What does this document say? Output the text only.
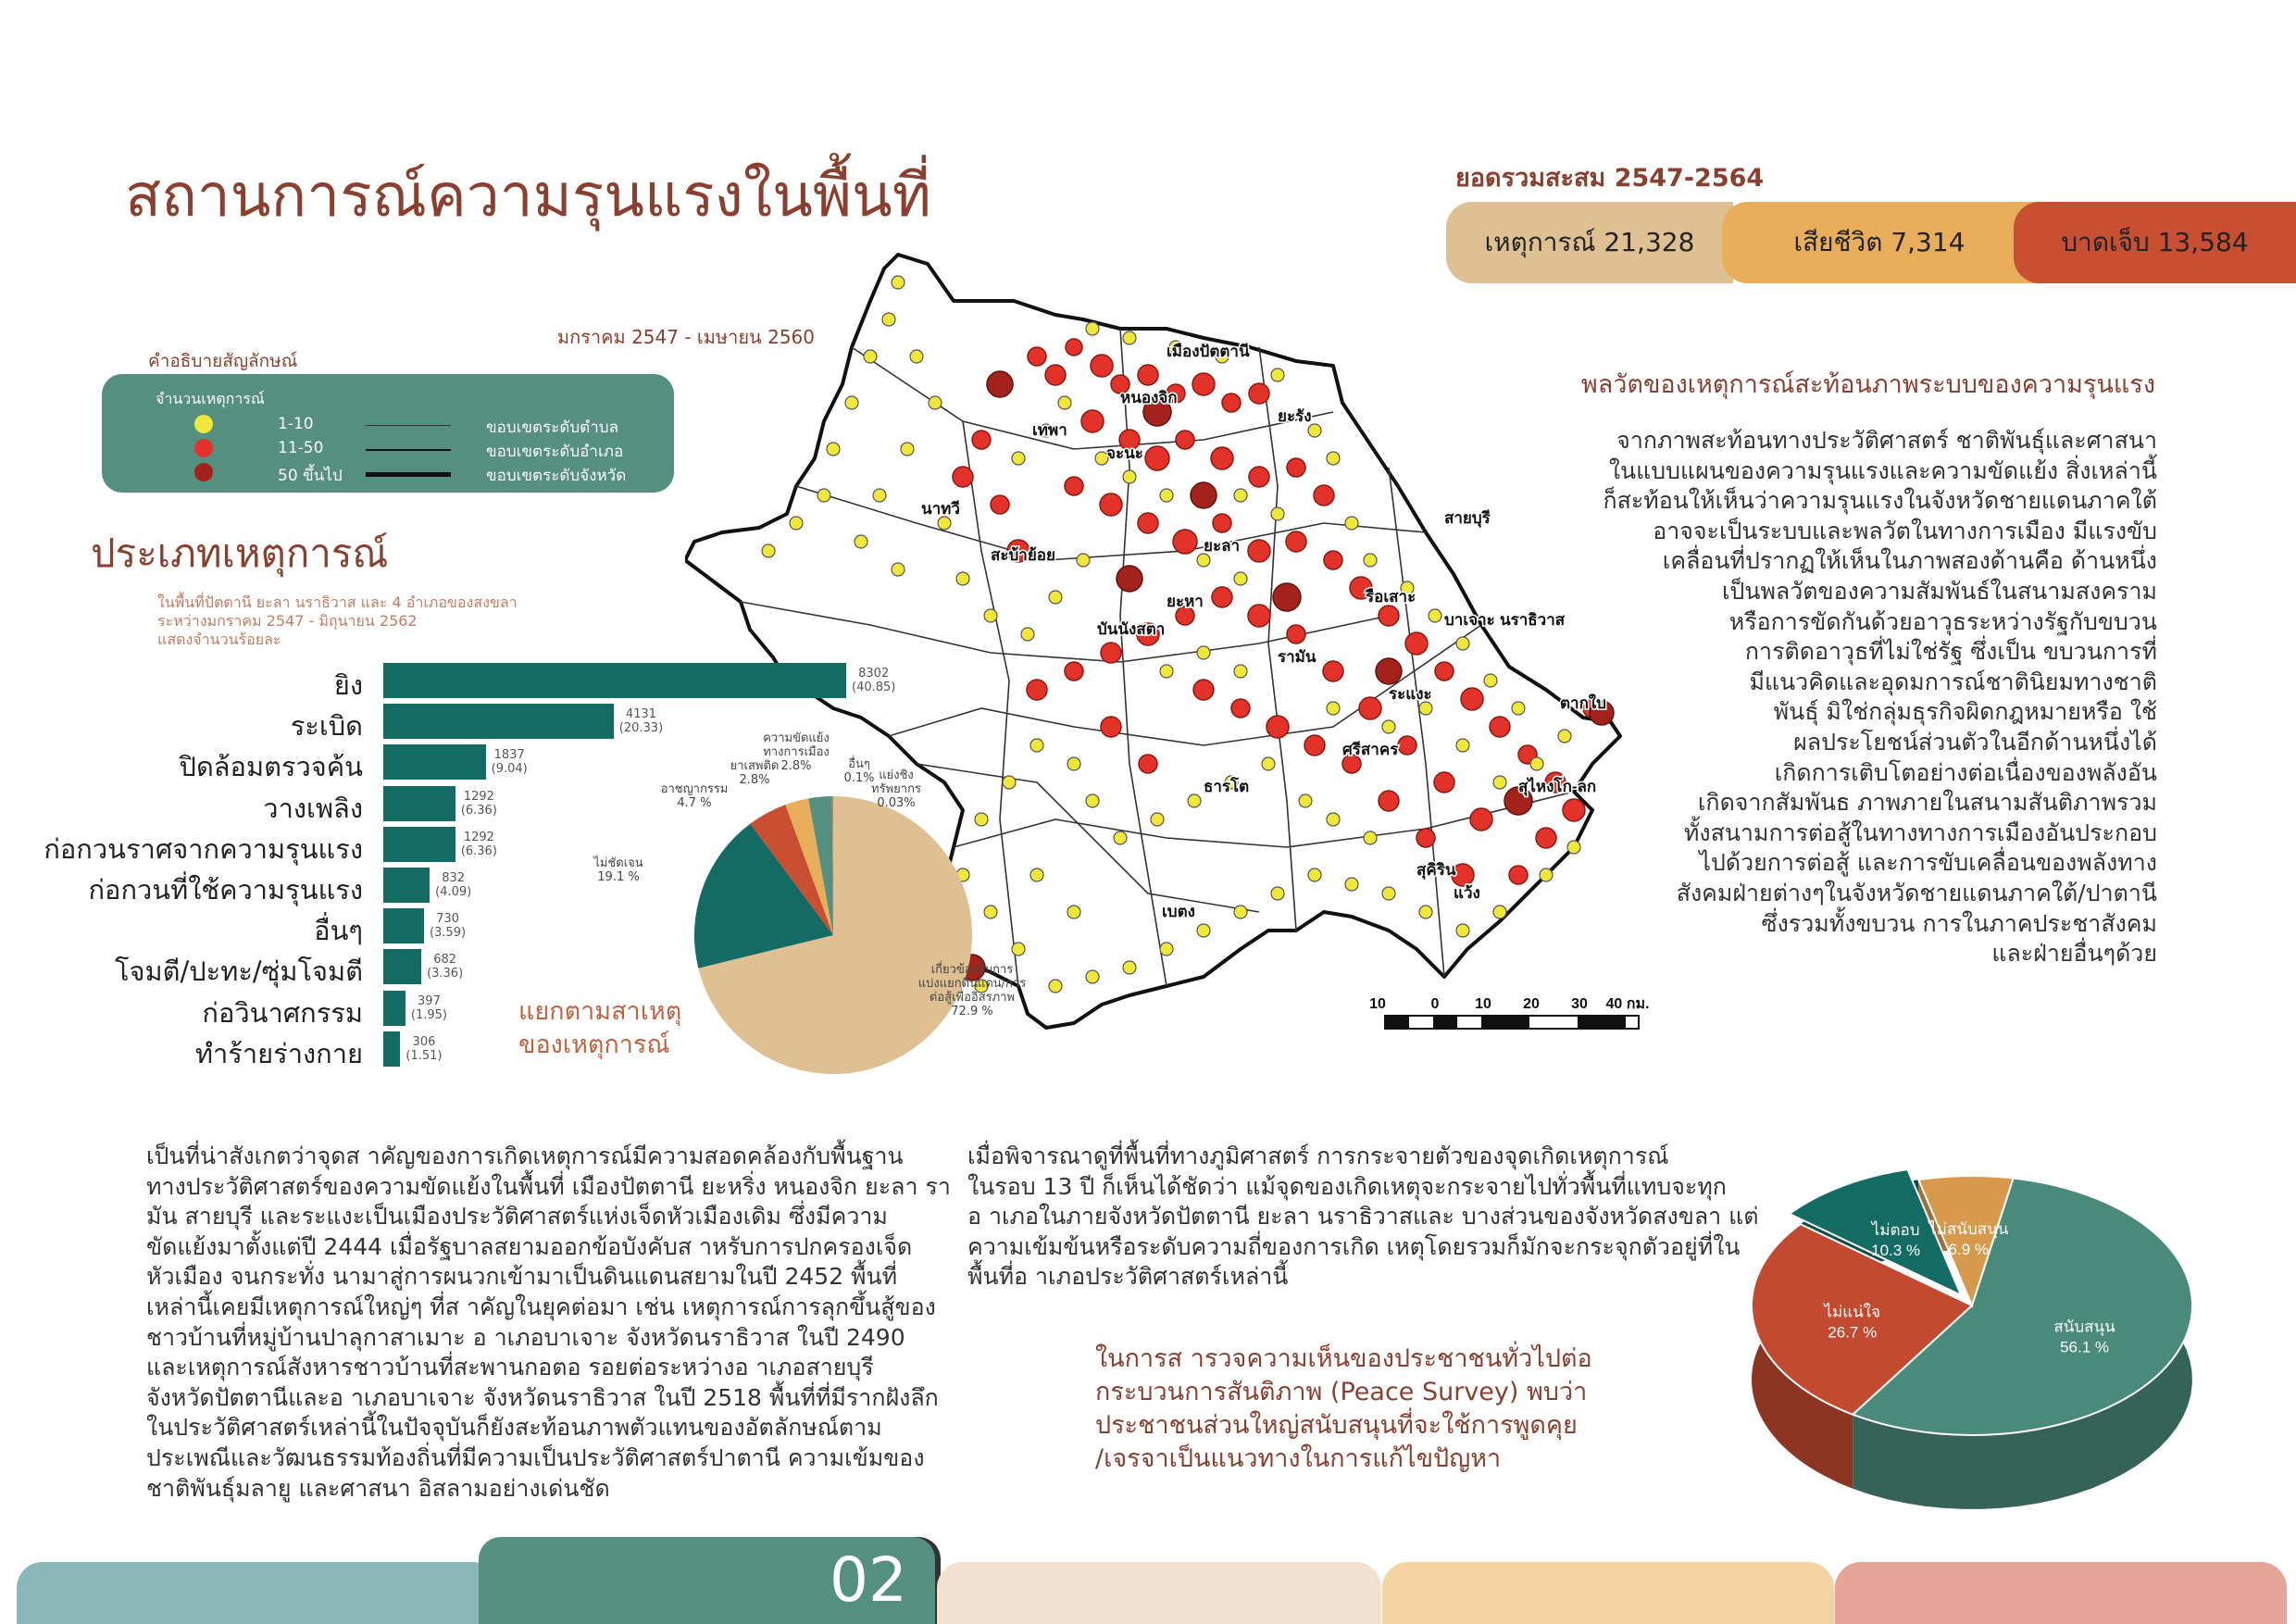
สถานการณ์ความรุนแรงในพื้นที่
มกราคม 2547 - เมษายน 2560
คำอธิบายสัญลักษณ์
จำนวนเหตุการณ์
1-10
11-50
50 ขึ้นไป
ขอบเขตระดับตำบล
ขอบเขตระดับอำเภอ
ขอบเขตระดับจังหวัด
เมืองปัตตานี
เทพา
สะบ้าย้อย
นาทวี
จะนะ
ยะหา
บันนังสตา
ธารโต
เบตง
รามัน
ยะลา
รือเสาะ
ระแงะ
ศรีสาคร
สุคิริน
แว้ง
ตากใบ
สุไหงโก-ลก
นราธิวาส
บาเจาะ
ยะรัง
หนองจิก
สายบุรี
10	0 10 20 30 40 กม.
ยอดรวมสะสม 2547-2564
เหตุการณ์ 21,328	เสียชีวิต 7,314	บาดเจ็บ 13,584
ประเภทเหตุการณ์
ในพื้นที่ปัตตานี ยะลา นราธิวาส และ 4 อำเภอของสงขลา
ระหว่างมกราคม 2547 - มิถุนายน 2562
แสดงจำนวนร้อยละ
แยกตามสาเหตุ
ของเหตุการณ์
พลวัตของเหตุการณ์สะท้อนภาพระบบของความรุนแรง
จากภาพสะท้อนทางประวัติศาสตร์ ชาติพันธุ์และศาสนา
ในแบบแผนของความรุนแรงและความขัดแย้ง สิ่งเหล่านี้
ก็สะท้อนให้เห็นว่าความรุนแรงในจังหวัดชายแดนภาคใต้
อาจจะเป็นระบบและพลวัตในทางการเมือง มีแรงขับ
เคลื่อนที่ปรากฏให้เห็นในภาพสองด้านคือ ด้านหนึ่ง
เป็นพลวัตของความสัมพันธ์ในสนามสงคราม
หรือการขัดกันด้วยอาวุธระหว่างรัฐกับขบวน
การติดอาวุธที่ไม่ใช่รัฐ ซึ่งเป็น ขบวนการที่
มีแนวคิดและอุดมการณ์ชาตินิยมทางชาติ
พันธุ์ มิใช่กลุ่มธุรกิจผิดกฎหมายหรือ ใช้
ผลประโยชน์ส่วนตัวในอีกด้านหนึ่งได้
เกิดการเติบโตอย่างต่อเนื่องของพลังอัน
เกิดจากสัมพันธ ภาพภายในสนามสันติภาพรวม
ทั้งสนามการต่อสู้ในทางทางการเมืองอันประกอบ
ไปด้วยการต่อสู้ และการขับเคลื่อนของพลังทาง
สังคมฝ่ายต่างๆในจังหวัดชายแดนภาคใต้/ปาตานี
ซึ่งรวมทั้งขบวน การในภาคประชาสังคม
และฝ่ายอื่นๆด้วย
เป็นที่น่าสังเกตว่าจุดส าคัญของการเกิดเหตุการณ์มีความสอดคล้องกับพื้นฐาน
ทางประวัติศาสตร์ของความขัดแย้งในพื้นที่ เมืองปัตตานี ยะหริ่ง หนองจิก ยะลา รา
มัน สายบุรี และระแงะเป็นเมืองประวัติศาสตร์แห่งเจ็ดหัวเมืองเดิม ซึ่งมีความ
ขัดแย้งมาตั้งแต่ปี 2444 เมื่อรัฐบาลสยามออกข้อบังคับส าหรับการปกครองเจ็ด
หัวเมือง จนกระทั่ง นามาสู่การผนวกเข้ามาเป็นดินแดนสยามในปี 2452 พื้นที่
เหล่านี้เคยมีเหตุการณ์ใหญ่ๆ ที่ส าคัญในยุคต่อมา เช่น เหตุการณ์การลุกขึ้นสู้ของ
ชาวบ้านที่หมู่บ้านปาลุกาสาเมาะ อ าเภอบาเจาะ จังหวัดนราธิวาส ในปี 2490
และเหตุการณ์สังหารชาวบ้านที่สะพานกอตอ รอยต่อระหว่างอ าเภอสายบุรี
จังหวัดปัตตานีและอ าเภอบาเจาะ จังหวัดนราธิวาส ในปี 2518 พื้นที่ที่มีรากฝังลึก
ในประวัติศาสตร์เหล่านี้ในปัจจุบันก็ยังสะท้อนภาพตัวแทนของอัตลักษณ์ตาม
ประเพณีและวัฒนธรรมท้องถิ่นที่มีความเป็นประวัติศาสตร์ปาตานี ความเข้มของ
ชาติพันธุ์มลายู และศาสนา อิสลามอย่างเด่นชัด
เมื่อพิจารณาดูที่พื้นที่ทางภูมิศาสตร์ การกระจายตัวของจุดเกิดเหตุการณ์
ในรอบ 13 ปี ก็เห็นได้ชัดว่า แม้จุดของเกิดเหตุจะกระจายไปทั่วพื้นที่แทบจะทุก
อ าเภอในภายจังหวัดปัตตานี ยะลา นราธิวาสและ บางส่วนของจังหวัดสงขลา แต่
ความเข้มข้นหรือระดับความถี่ของการเกิด เหตุโดยรวมก็มักจะกระจุกตัวอยู่ที่ใน
พื้นที่อ าเภอประวัติศาสตร์เหล่านี้
ในการส ารวจความเห็นของประชาชนทั่วไปต่อ
กระบวนการสันติภาพ (Peace Survey) พบว่า
ประชาชนส่วนใหญ่สนับสนุนที่จะใช้การพูดคุย
/เจรจาเป็นแนวทางในการแก้ไขปัญหา
สนับสนุน
56.1 %
ไม่แน่ใจ
26.7 %
ไม่ตอบ
10.3 %
ไม่สนับสนุน
6.9 %
02
ยิง	8302
(40.85)
ระเบิด	4131
(20.33)
ปิดล้อมตรวจค้น	1837
(9.04)
วางเพลิง	1292
(6.36)
ก่อกวนราศจากความรุนแรง	1292
(6.36)
ก่อกวนที่ใช้ความรุนแรง	832
(4.09)
อื่นๆ	730
(3.59)
โจมตี/ปะทะ/ซุ่มโจมตี	682
(3.36)
ก่อวินาศกรรม	397
(1.95)
ทำร้ายร่างกาย	306
(1.51)
เกี่ยวข้องกับการ
แบ่งแยกดินแดน/การ
ต่อสู้เพื่ออิสรภาพ
72.9 %
ไม่ชัดเจน
19.1 %
อาชญากรรม
4.7 %
ยาเสพติด
2.8%
ความขัดแย้ง
ทางการเมือง
2.8%	อื่นๆ
0.1% แย่งชิง
ทรัพยากร
0.03%
